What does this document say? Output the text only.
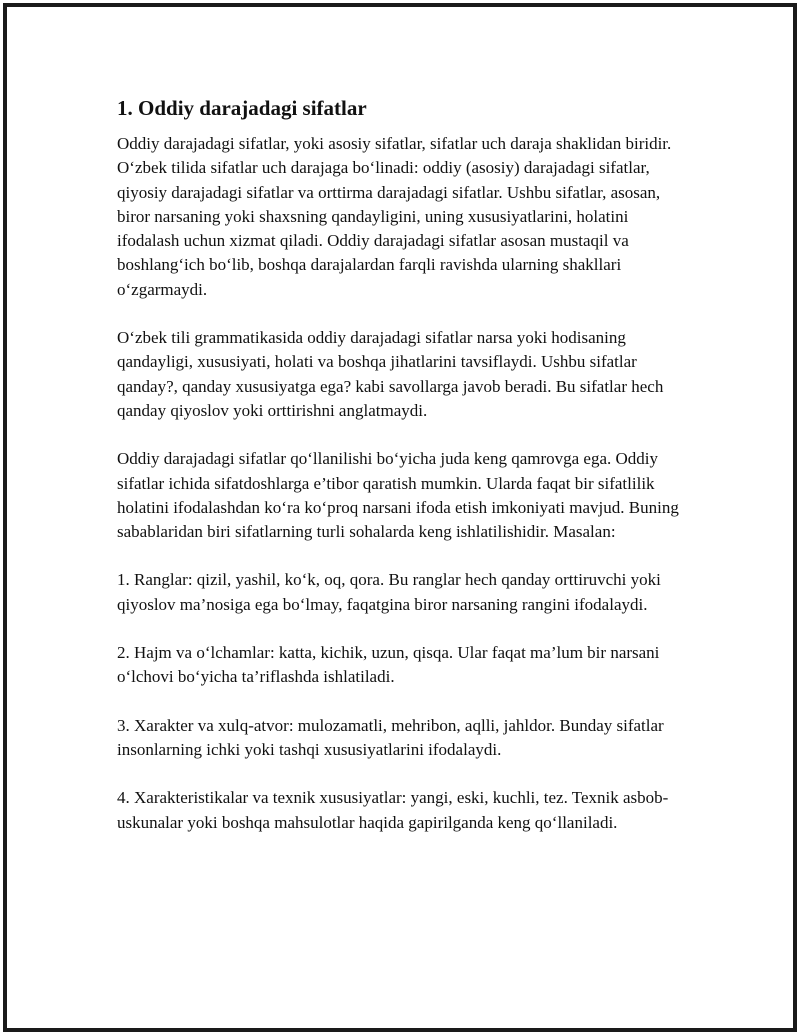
1. Oddiy darajadagi sifatlar

Oddiy darajadagi sifatlar, yoki asosiy sifatlar, sifatlar uch daraja shaklidan biridir. O‘zbek tilida sifatlar uch darajaga bo‘linadi: oddiy (asosiy) darajadagi sifatlar, qiyosiy darajadagi sifatlar va orttirma darajadagi sifatlar. Ushbu sifatlar, asosan, biror narsaning yoki shaxsning qandayligini, uning xususiyatlarini, holatini ifodalash uchun xizmat qiladi. Oddiy darajadagi sifatlar asosan mustaqil va boshlang‘ich bo‘lib, boshqa darajalardan farqli ravishda ularning shakllari o‘zgarmaydi.

O‘zbek tili grammatikasida oddiy darajadagi sifatlar narsa yoki hodisaning qandayligi, xususiyati, holati va boshqa jihatlarini tavsiflaydi. Ushbu sifatlar qanday?, qanday xususiyatga ega? kabi savollarga javob beradi. Bu sifatlar hech qanday qiyoslov yoki orttirishni anglatmaydi.

Oddiy darajadagi sifatlar qo‘llanilishi bo‘yicha juda keng qamrovga ega. Oddiy sifatlar ichida sifatdoshlarga e’tibor qaratish mumkin. Ularda faqat bir sifatlilik holatini ifodalashdan ko‘ra ko‘proq narsani ifoda etish imkoniyati mavjud. Buning sabablaridan biri sifatlarning turli sohalarda keng ishlatilishidir. Masalan:

1. Ranglar: qizil, yashil, ko‘k, oq, qora. Bu ranglar hech qanday orttiruvchi yoki qiyoslov ma’nosiga ega bo‘lmay, faqatgina biror narsaning rangini ifodalaydi.

2. Hajm va o‘lchamlar: katta, kichik, uzun, qisqa. Ular faqat ma’lum bir narsani o‘lchovi bo‘yicha ta’riflashda ishlatiladi.

3. Xarakter va xulq-atvor: mulozamatli, mehribon, aqlli, jahldor. Bunday sifatlar insonlarning ichki yoki tashqi xususiyatlarini ifodalaydi.

4. Xarakteristikalar va texnik xususiyatlar: yangi, eski, kuchli, tez. Texnik asbob-uskunalar yoki boshqa mahsulotlar haqida gapirilganda keng qo‘llaniladi.
